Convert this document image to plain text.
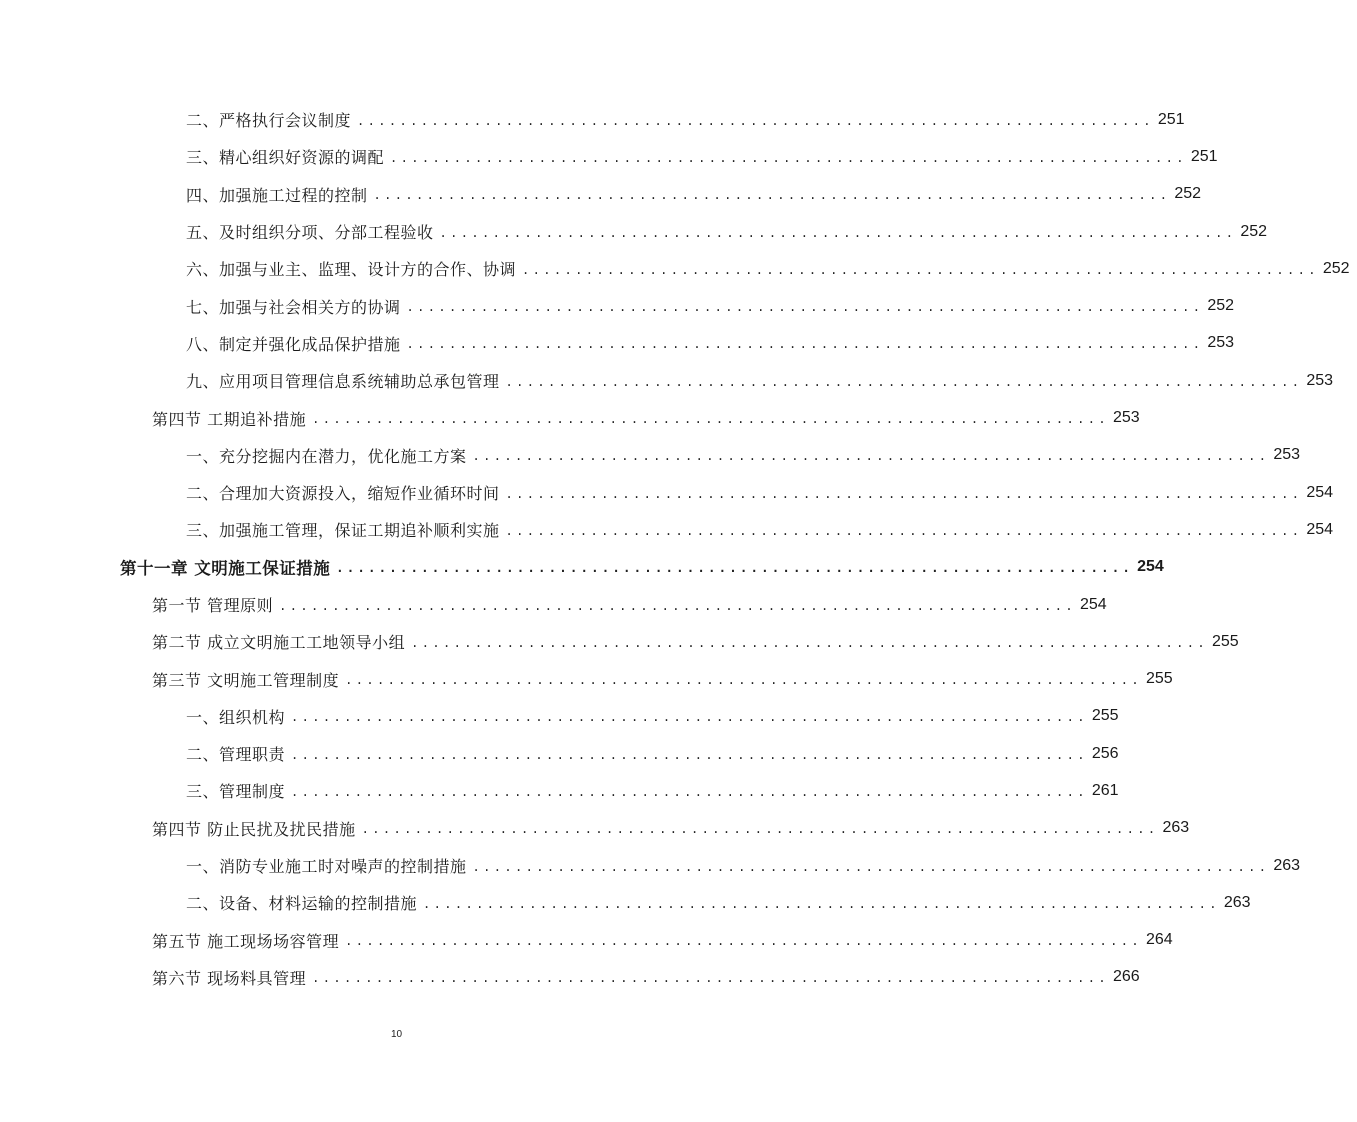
二、严格执行会议制度 ........................................................................... 251
三、精心组织好资源的调配 ........................................................................... 251
四、加强施工过程的控制 ........................................................................... 252
五、及时组织分项、分部工程验收 ........................................................................... 252
六、加强与业主、监理、设计方的合作、协调 ........................................................................... 252
七、加强与社会相关方的协调 ........................................................................... 252
八、制定并强化成品保护措施 ........................................................................... 253
九、应用项目管理信息系统辅助总承包管理 ........................................................................... 253
第四节 工期追补措施 ........................................................................... 253
一、充分挖掘内在潜力，优化施工方案 ........................................................................... 253
二、合理加大资源投入，缩短作业循环时间 ........................................................................... 254
三、加强施工管理，保证工期追补顺利实施 ........................................................................... 254
第十一章 文明施工保证措施 ........................................................................... 254
第一节 管理原则 ........................................................................... 254
第二节 成立文明施工工地领导小组 ........................................................................... 255
第三节 文明施工管理制度 ........................................................................... 255
一、组织机构 ........................................................................... 255
二、管理职责 ........................................................................... 256
三、管理制度 ........................................................................... 261
第四节 防止民扰及扰民措施 ........................................................................... 263
一、消防专业施工时对噪声的控制措施 ........................................................................... 263
二、设备、材料运输的控制措施 ........................................................................... 263
第五节 施工现场场容管理 ........................................................................... 264
第六节 现场料具管理 ........................................................................... 266
10
